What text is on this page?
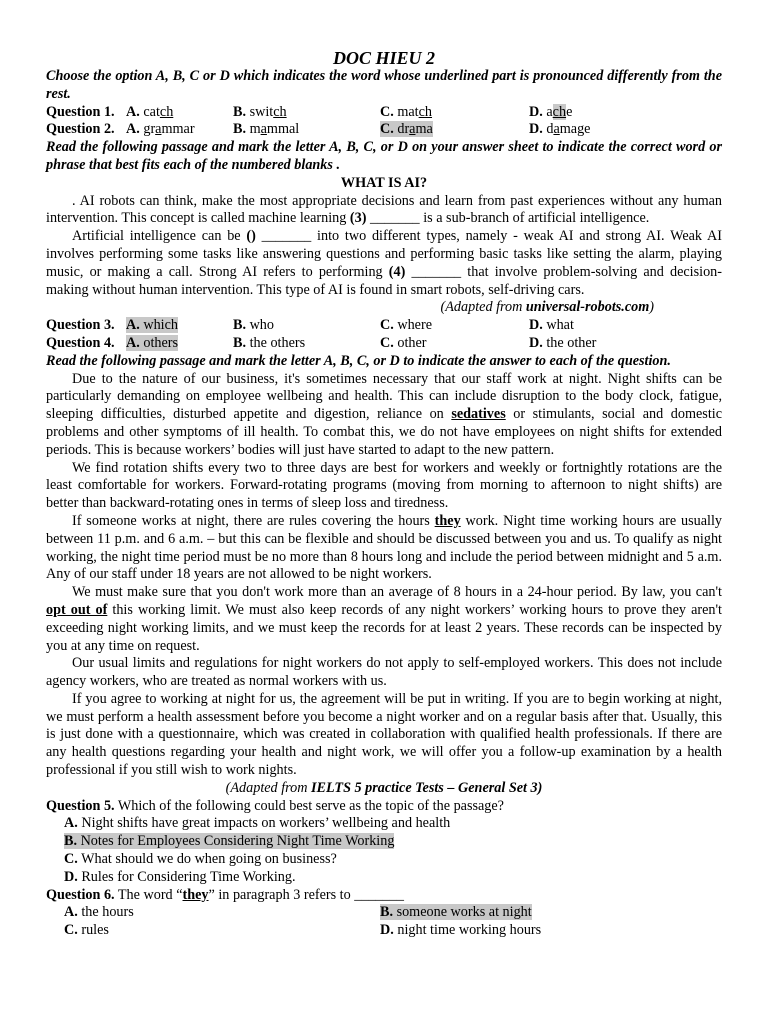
DOC HIEU 2
Choose the option A, B, C or D which indicates the word whose underlined part is pronounced differently from the rest.
Question 1. A. catch	B. switch	C. match	D. ache
Question 2. A. grammar	B. mammal	C. drama	D. damage
Read the following passage and mark the letter A, B, C, or D on your answer sheet to indicate the correct word or phrase that best fits each of the numbered blanks .
WHAT IS AI?
. AI robots can think, make the most appropriate decisions and learn from past experiences without any human intervention. This concept is called machine learning (3) _______ is a sub-branch of artificial intelligence.
Artificial intelligence can be () _______ into two different types, namely - weak AI and strong AI. Weak AI involves performing some tasks like answering questions and performing basic tasks like setting the alarm, playing music, or making a call. Strong AI refers to performing (4) _______ that involve problem-solving and decision-making without human intervention. This type of AI is found in smart robots, self-driving cars.
(Adapted from universal-robots.com)
Question 3. A. which	B. who	C. where	D. what
Question 4. A. others	B. the others	C. other	D. the other
Read the following passage and mark the letter A, B, C, or D to indicate the answer to each of the question.
Due to the nature of our business, it's sometimes necessary that our staff work at night. Night shifts can be particularly demanding on employee wellbeing and health. This can include disruption to the body clock, fatigue, sleeping difficulties, disturbed appetite and digestion, reliance on sedatives or stimulants, social and domestic problems and other symptoms of ill health. To combat this, we do not have employees on night shifts for extended periods. This is because workers’ bodies will just have started to adapt to the new pattern.
We find rotation shifts every two to three days are best for workers and weekly or fortnightly rotations are the least comfortable for workers. Forward-rotating programs (moving from morning to afternoon to night shifts) are better than backward-rotating ones in terms of sleep loss and tiredness.
If someone works at night, there are rules covering the hours they work. Night time working hours are usually between 11 p.m. and 6 a.m. – but this can be flexible and should be discussed between you and us. To qualify as night working, the night time period must be no more than 8 hours long and include the period between midnight and 5 a.m. Any of our staff under 18 years are not allowed to be night workers.
We must make sure that you don't work more than an average of 8 hours in a 24-hour period. By law, you can't opt out of this working limit. We must also keep records of any night workers’ working hours to prove they aren't exceeding night working limits, and we must keep the records for at least 2 years. These records can be inspected by you at any time on request.
Our usual limits and regulations for night workers do not apply to self-employed workers. This does not include agency workers, who are treated as normal workers with us.
If you agree to working at night for us, the agreement will be put in writing. If you are to begin working at night, we must perform a health assessment before you become a night worker and on a regular basis after that. Usually, this is just done with a questionnaire, which was created in collaboration with qualified health professionals. If there are any health questions regarding your health and night work, we will offer you a follow-up examination by a health professional if you still wish to work nights.
(Adapted from IELTS 5 practice Tests – General Set 3)
Question 5. Which of the following could best serve as the topic of the passage?
A. Night shifts have great impacts on workers’ wellbeing and health
B. Notes for Employees Considering Night Time Working
C. What should we do when going on business?
D. Rules for Considering Time Working.
Question 6. The word “they” in paragraph 3 refers to _______
A. the hours	B. someone works at night
C. rules	D. night time working hours
